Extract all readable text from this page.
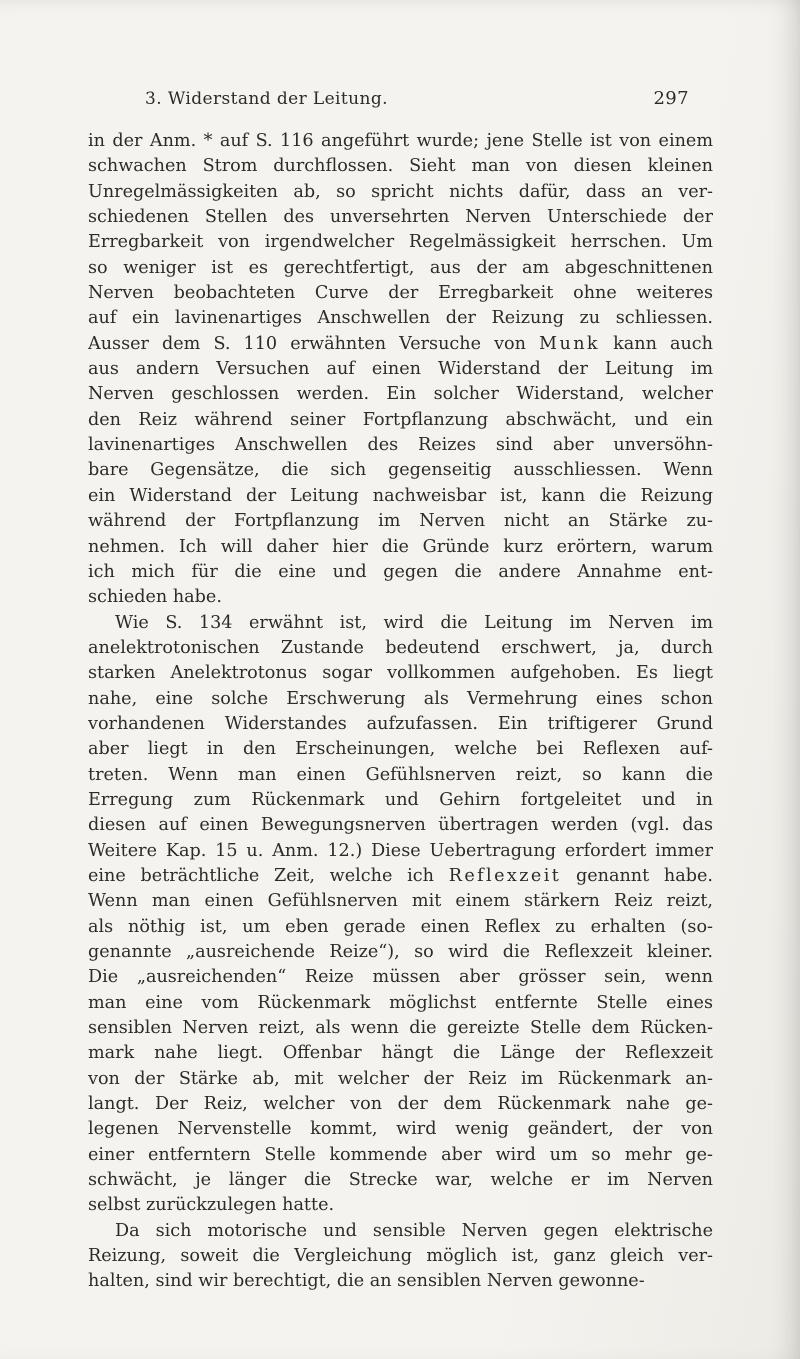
3. Widerstand der Leitung.	297
in der Anm. * auf S. 116 angeführt wurde; jene Stelle ist von einem
schwachen Strom durchflossen. Sieht man von diesen kleinen
Unregelmässigkeiten ab, so spricht nichts dafür, dass an ver-
schiedenen Stellen des unversehrten Nerven Unterschiede der
Erregbarkeit von irgendwelcher Regelmässigkeit herrschen. Um
so weniger ist es gerechtfertigt, aus der am abgeschnittenen
Nerven beobachteten Curve der Erregbarkeit ohne weiteres
auf ein lavinenartiges Anschwellen der Reizung zu schliessen.
Ausser dem S. 110 erwähnten Versuche von Munk kann auch
aus andern Versuchen auf einen Widerstand der Leitung im
Nerven geschlossen werden. Ein solcher Widerstand, welcher
den Reiz während seiner Fortpflanzung abschwächt, und ein
lavinenartiges Anschwellen des Reizes sind aber unversöhn-
bare Gegensätze, die sich gegenseitig ausschliessen. Wenn
ein Widerstand der Leitung nachweisbar ist, kann die Reizung
während der Fortpflanzung im Nerven nicht an Stärke zu-
nehmen. Ich will daher hier die Gründe kurz erörtern, warum
ich mich für die eine und gegen die andere Annahme ent-
schieden habe.
Wie S. 134 erwähnt ist, wird die Leitung im Nerven im
anelektrotonischen Zustande bedeutend erschwert, ja, durch
starken Anelektrotonus sogar vollkommen aufgehoben. Es liegt
nahe, eine solche Erschwerung als Vermehrung eines schon
vorhandenen Widerstandes aufzufassen. Ein triftigerer Grund
aber liegt in den Erscheinungen, welche bei Reflexen auf-
treten. Wenn man einen Gefühlsnerven reizt, so kann die
Erregung zum Rückenmark und Gehirn fortgeleitet und in
diesen auf einen Bewegungsnerven übertragen werden (vgl. das
Weitere Kap. 15 u. Anm. 12.) Diese Uebertragung erfordert immer
eine beträchtliche Zeit, welche ich Reflexzeit genannt habe.
Wenn man einen Gefühlsnerven mit einem stärkern Reiz reizt,
als nöthig ist, um eben gerade einen Reflex zu erhalten (so-
genannte „ausreichende Reize“), so wird die Reflexzeit kleiner.
Die „ausreichenden“ Reize müssen aber grösser sein, wenn
man eine vom Rückenmark möglichst entfernte Stelle eines
sensiblen Nerven reizt, als wenn die gereizte Stelle dem Rücken-
mark nahe liegt. Offenbar hängt die Länge der Reflexzeit
von der Stärke ab, mit welcher der Reiz im Rückenmark an-
langt. Der Reiz, welcher von der dem Rückenmark nahe ge-
legenen Nervenstelle kommt, wird wenig geändert, der von
einer entferntern Stelle kommende aber wird um so mehr ge-
schwächt, je länger die Strecke war, welche er im Nerven
selbst zurückzulegen hatte.
Da sich motorische und sensible Nerven gegen elektrische
Reizung, soweit die Vergleichung möglich ist, ganz gleich ver-
halten, sind wir berechtigt, die an sensiblen Nerven gewonne-
